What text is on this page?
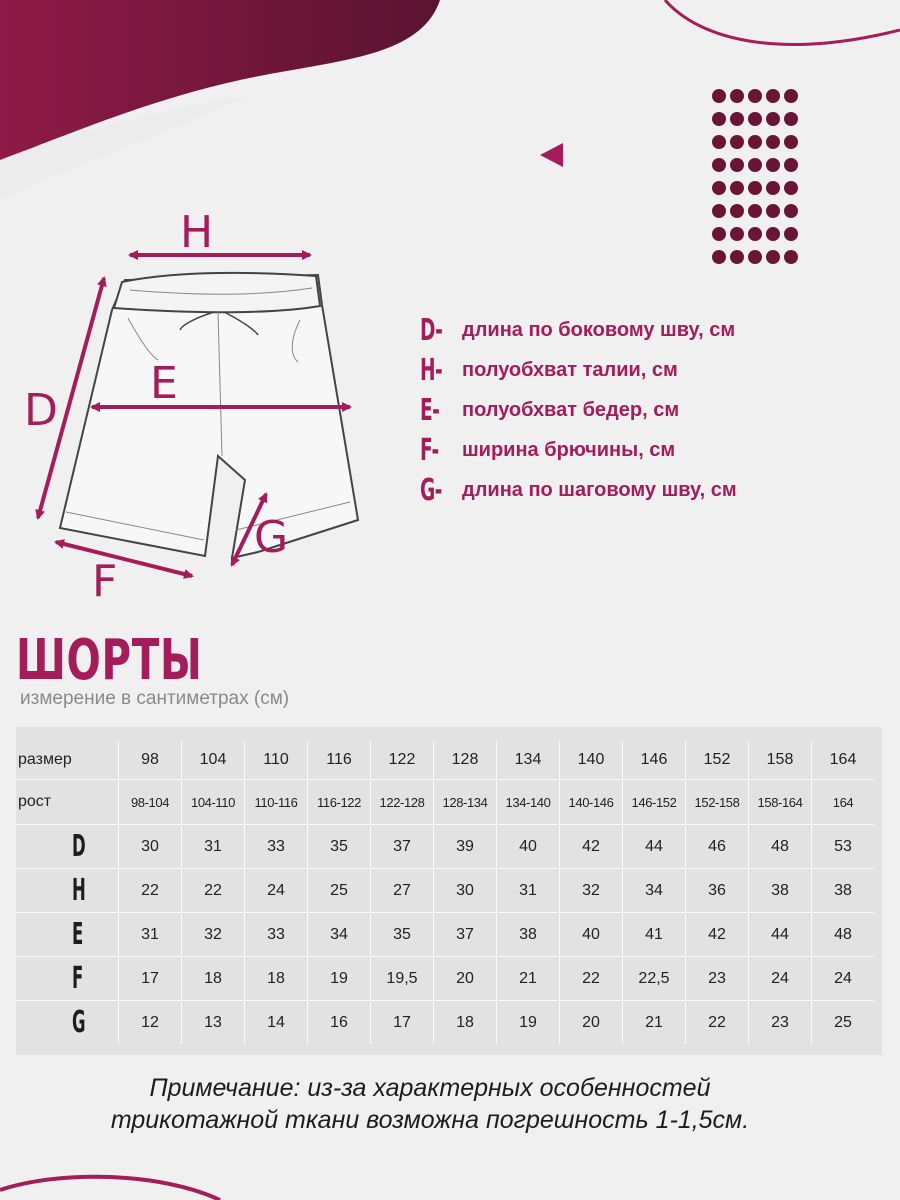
H
D
E
F
G
D- длина по боковому шву, см
H- полуобхват талии, см
E- полуобхват бедер, см
F- ширина брючины, см
G- длина по шаговому шву, см
ШОРТЫ
измерение в сантиметрах (см)
размер	98	104	110	116	122	128	134	140	146	152	158	164
рост	98-104	104-110	110-116	116-122	122-128	128-134	134-140	140-146	146-152	152-158	158-164	164
D	30	31	33	35	37	39	40	42	44	46	48	53
H	22	22	24	25	27	30	31	32	34	36	38	38
E	31	32	33	34	35	37	38	40	41	42	44	48
F	17	18	18	19	19,5	20	21	22	22,5	23	24	24
G	12	13	14	16	17	18	19	20	21	22	23	25
Примечание: из-за характерных особенностей
трикотажной ткани возможна погрешность 1-1,5см.
